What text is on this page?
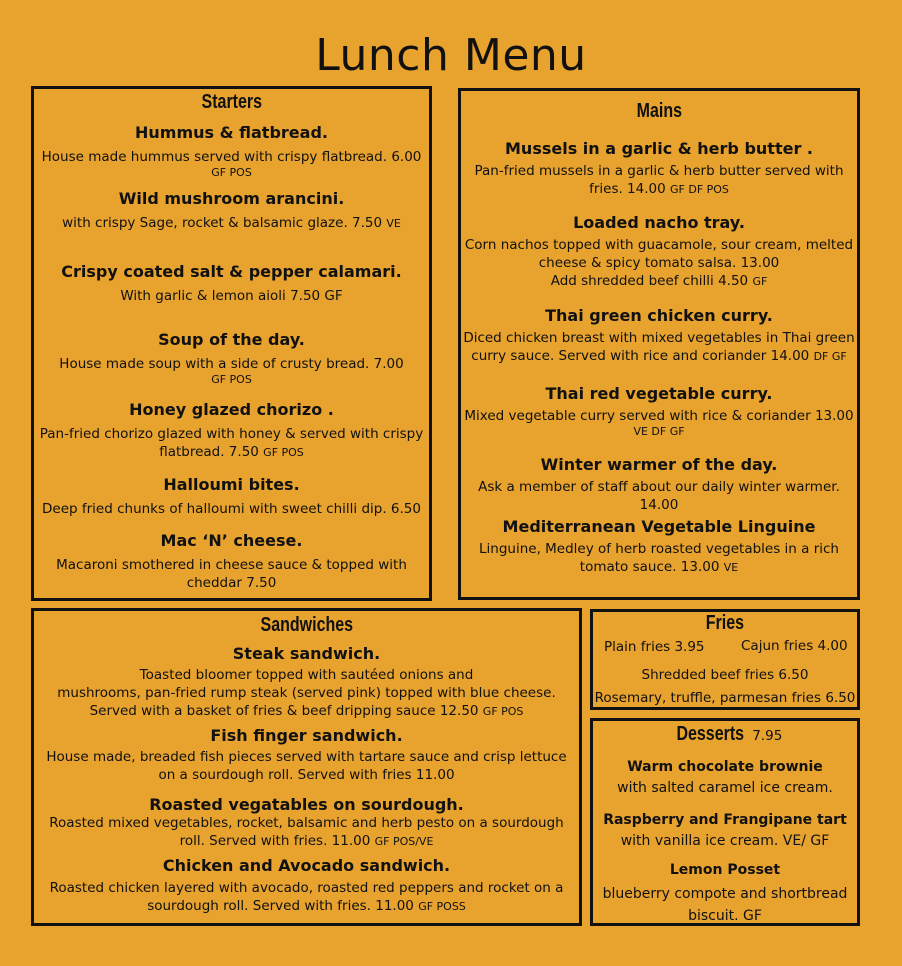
Lunch Menu
Starters
Hummus & flatbread.
House made hummus served with crispy flatbread. 6.00
GF POS
Wild mushroom arancini.
with crispy Sage, rocket & balsamic glaze. 7.50 VE
Crispy coated salt & pepper calamari.
With garlic & lemon aioli 7.50 GF
Soup of the day.
House made soup with a side of crusty bread. 7.00
GF POS
Honey glazed chorizo .
Pan-fried chorizo glazed with honey & served with crispy
flatbread. 7.50 GF POS
Halloumi bites.
Deep fried chunks of halloumi with sweet chilli dip. 6.50
Mac ‘N’ cheese.
Macaroni smothered in cheese sauce & topped with
cheddar 7.50
Mains
Mussels in a garlic & herb butter .
Pan-fried mussels in a garlic & herb butter served with
fries. 14.00 GF DF POS
Loaded nacho tray.
Corn nachos topped with guacamole, sour cream, melted
cheese & spicy tomato salsa. 13.00
Add shredded beef chilli 4.50 GF
Thai green chicken curry.
Diced chicken breast with mixed vegetables in Thai green
curry sauce. Served with rice and coriander 14.00 DF GF
Thai red vegetable curry.
Mixed vegetable curry served with rice & coriander 13.00
VE DF GF
Winter warmer of the day.
Ask a member of staff about our daily winter warmer. 14.00
Mediterranean Vegetable Linguine
Linguine, Medley of herb roasted vegetables in a rich
tomato sauce. 13.00 VE
Sandwiches
Steak sandwich.
Toasted bloomer topped with sautéed onions and
mushrooms, pan-fried rump steak (served pink) topped with blue cheese.
Served with a basket of fries & beef dripping sauce 12.50 GF POS
Fish finger sandwich.
House made, breaded fish pieces served with tartare sauce and crisp lettuce
on a sourdough roll. Served with fries 11.00
Roasted vegatables on sourdough.
Roasted mixed vegetables, rocket, balsamic and herb pesto on a sourdough
roll. Served with fries. 11.00 GF POS/VE
Chicken and Avocado sandwich.
Roasted chicken layered with avocado, roasted red peppers and rocket on a
sourdough roll. Served with fries. 11.00 GF POSS
Fries
Plain fries 3.95	Cajun fries 4.00
Shredded beef fries 6.50
Rosemary, truffle, parmesan fries 6.50
Desserts 7.95
Warm chocolate brownie
with salted caramel ice cream.
Raspberry and Frangipane tart
with vanilla ice cream. VE/ GF
Lemon Posset
blueberry compote and shortbread
biscuit. GF
